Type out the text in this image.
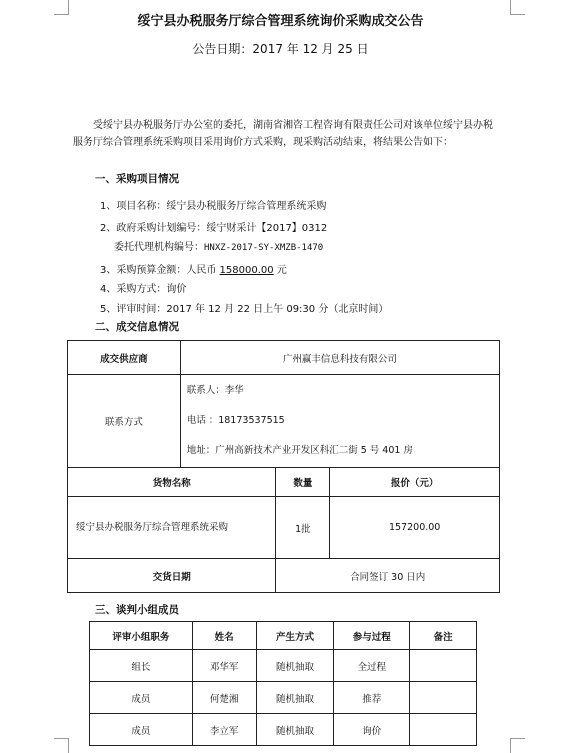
绥宁县办税服务厅综合管理系统询价采购成交公告
公告日期：2017 年 12 月 25 日
受绥宁县办税服务厅办公室的委托，湖南省湘咨工程咨询有限责任公司对该单位绥宁县办税服务厅综合管理系统采购项目采用询价方式采购，现采购活动结束，将结果公告如下：
一、采购项目情况
1、项目名称：绥宁县办税服务厅综合管理系统采购
2、政府采购计划编号：绥宁财采计【2017】0312
委托代理机构编号：HNXZ-2017-SY-XMZB-1470
3、采购预算金额：人民币 158000.00 元
4、采购方式：询价
5、评审时间：2017 年 12 月 22 日上午 09:30 分（北京时间）
二、成交信息情况
成交供应商	广州赢丰信息科技有限公司		
联系方式	联系人：李华
电话 ：18173537515
地址：广州高新技术产业开发区科汇二街 5 号 401 房		

货物名称		数量	报价（元）
绥宁县办税服务厅综合管理系统采购		1批	157200.00
交货日期		合同签订 30 日内	
三、谈判小组成员
评审小组职务	姓名	产生方式	参与过程	备注
组长	邓华军	随机抽取	全过程	
成员	何楚湘	随机抽取	推荐	
成员	李立军	随机抽取	询价	
